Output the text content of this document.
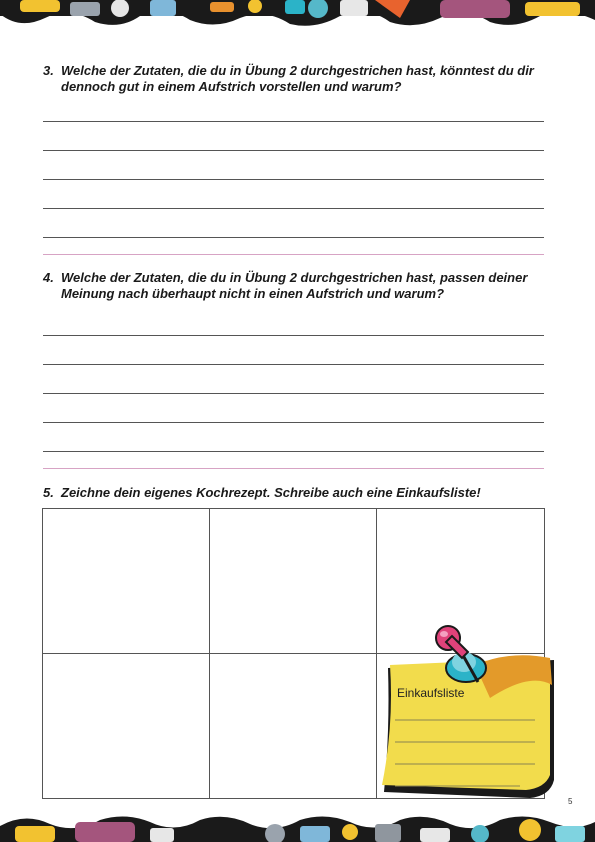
3. Welche der Zutaten, die du in Übung 2 durchgestrichen hast, könntest du dir dennoch gut in einem Aufstrich vorstellen und warum?
4. Welche der Zutaten, die du in Übung 2 durchgestrichen hast, passen deiner Meinung nach überhaupt nicht in einen Aufstrich und warum?
5. Zeichne dein eigenes Kochrezept. Schreibe auch eine Einkaufsliste!
Einkaufsliste
5
